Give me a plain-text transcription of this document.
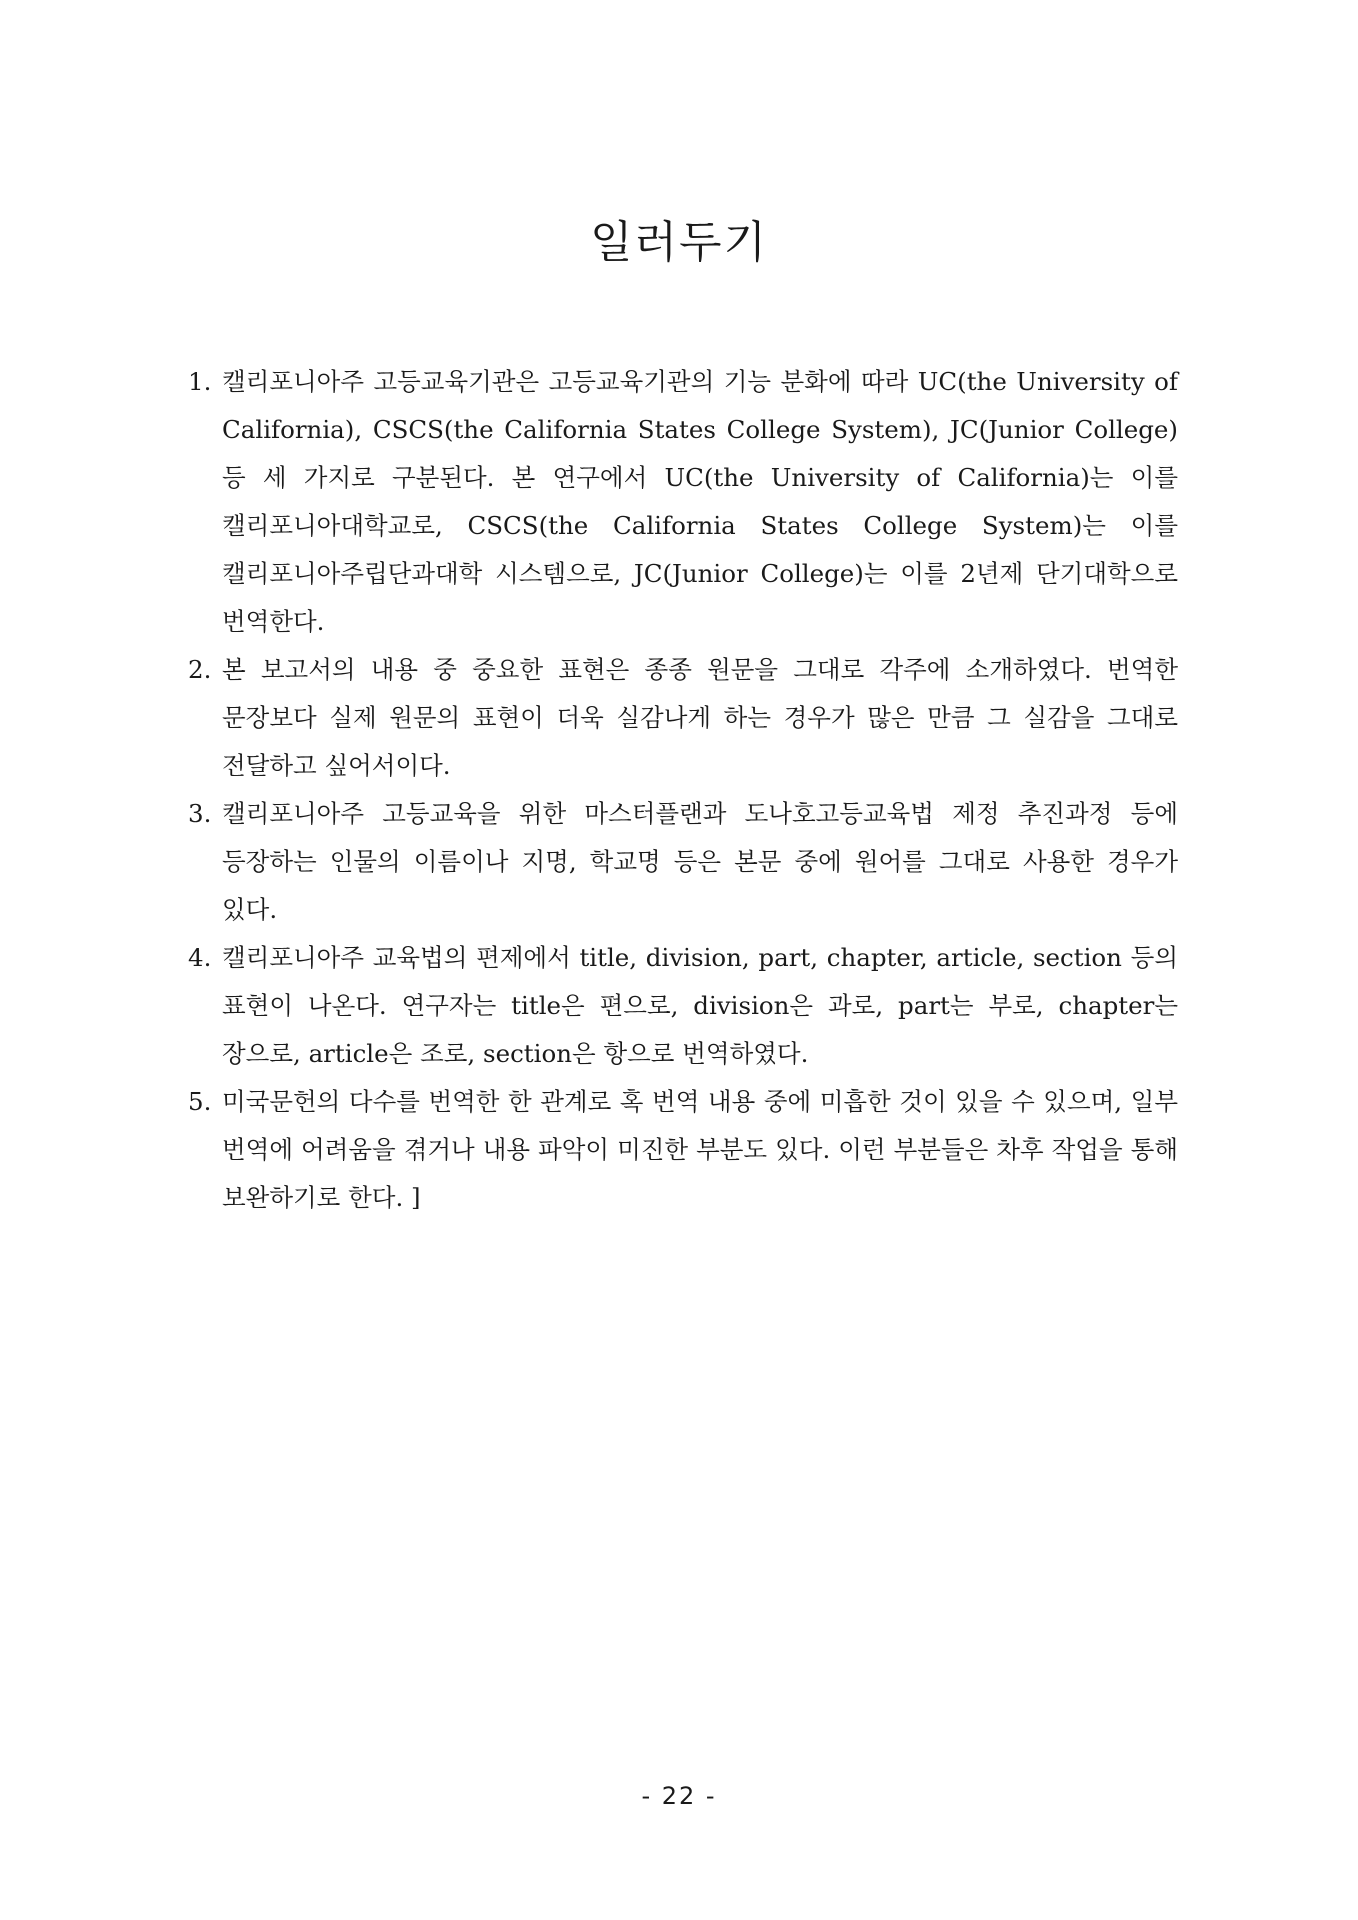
일러두기
1. 캘리포니아주 고등교육기관은 고등교육기관의 기능 분화에 따라 UC(the University of California), CSCS(the California States College System), JC(Junior College) 등 세 가지로 구분된다. 본 연구에서 UC(the University of California)는 이를 캘리포니아대학교로, CSCS(the California States College System)는 이를 캘리포니아주립단과대학 시스템으로, JC(Junior College)는 이를 2년제 단기대학으로 번역한다.
2. 본 보고서의 내용 중 중요한 표현은 종종 원문을 그대로 각주에 소개하였다. 번역한 문장보다 실제 원문의 표현이 더욱 실감나게 하는 경우가 많은 만큼 그 실감을 그대로 전달하고 싶어서이다.
3. 캘리포니아주 고등교육을 위한 마스터플랜과 도나호고등교육법 제정 추진과정 등에 등장하는 인물의 이름이나 지명, 학교명 등은 본문 중에 원어를 그대로 사용한 경우가 있다.
4. 캘리포니아주 교육법의 편제에서 title, division, part, chapter, article, section 등의 표현이 나온다. 연구자는 title은 편으로, division은 과로, part는 부로, chapter는 장으로, article은 조로, section은 항으로 번역하였다.
5. 미국문헌의 다수를 번역한 한 관계로 혹 번역 내용 중에 미흡한 것이 있을 수 있으며, 일부 번역에 어려움을 겪거나 내용 파악이 미진한 부분도 있다. 이런 부분들은 차후 작업을 통해 보완하기로 한다. ]
- 22 -
